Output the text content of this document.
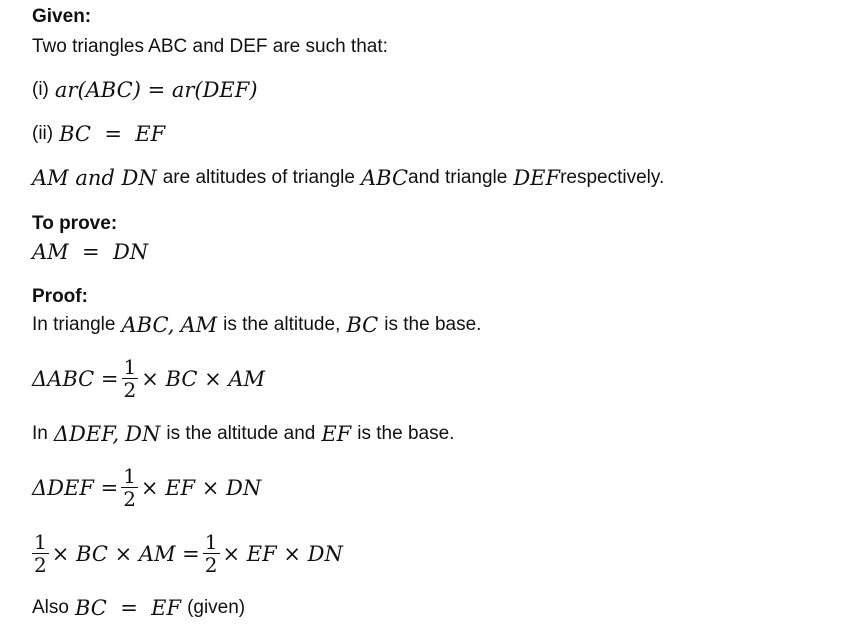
Given:
Two triangles ABC and DEF are such that:
(i) ar(ABC) = ar(DEF)
(ii) BC  =  EF
AM and DN are altitudes of triangle ABC and triangle DEF respectively.
To prove:
AM  =  DN
Proof:
In triangle ABC, AM is the altitude, BC is the base.
$\Delta ABC = \frac{1}{2}$ × BC × AM
In ΔDEF, DN is the altitude and EF is the base.
$\Delta DEF = \frac{1}{2}$ × EF × DN
$\frac{1}{2}$ × BC × AM = $\frac{1}{2}$ × EF × DN
Also BC  =  EF (given)
